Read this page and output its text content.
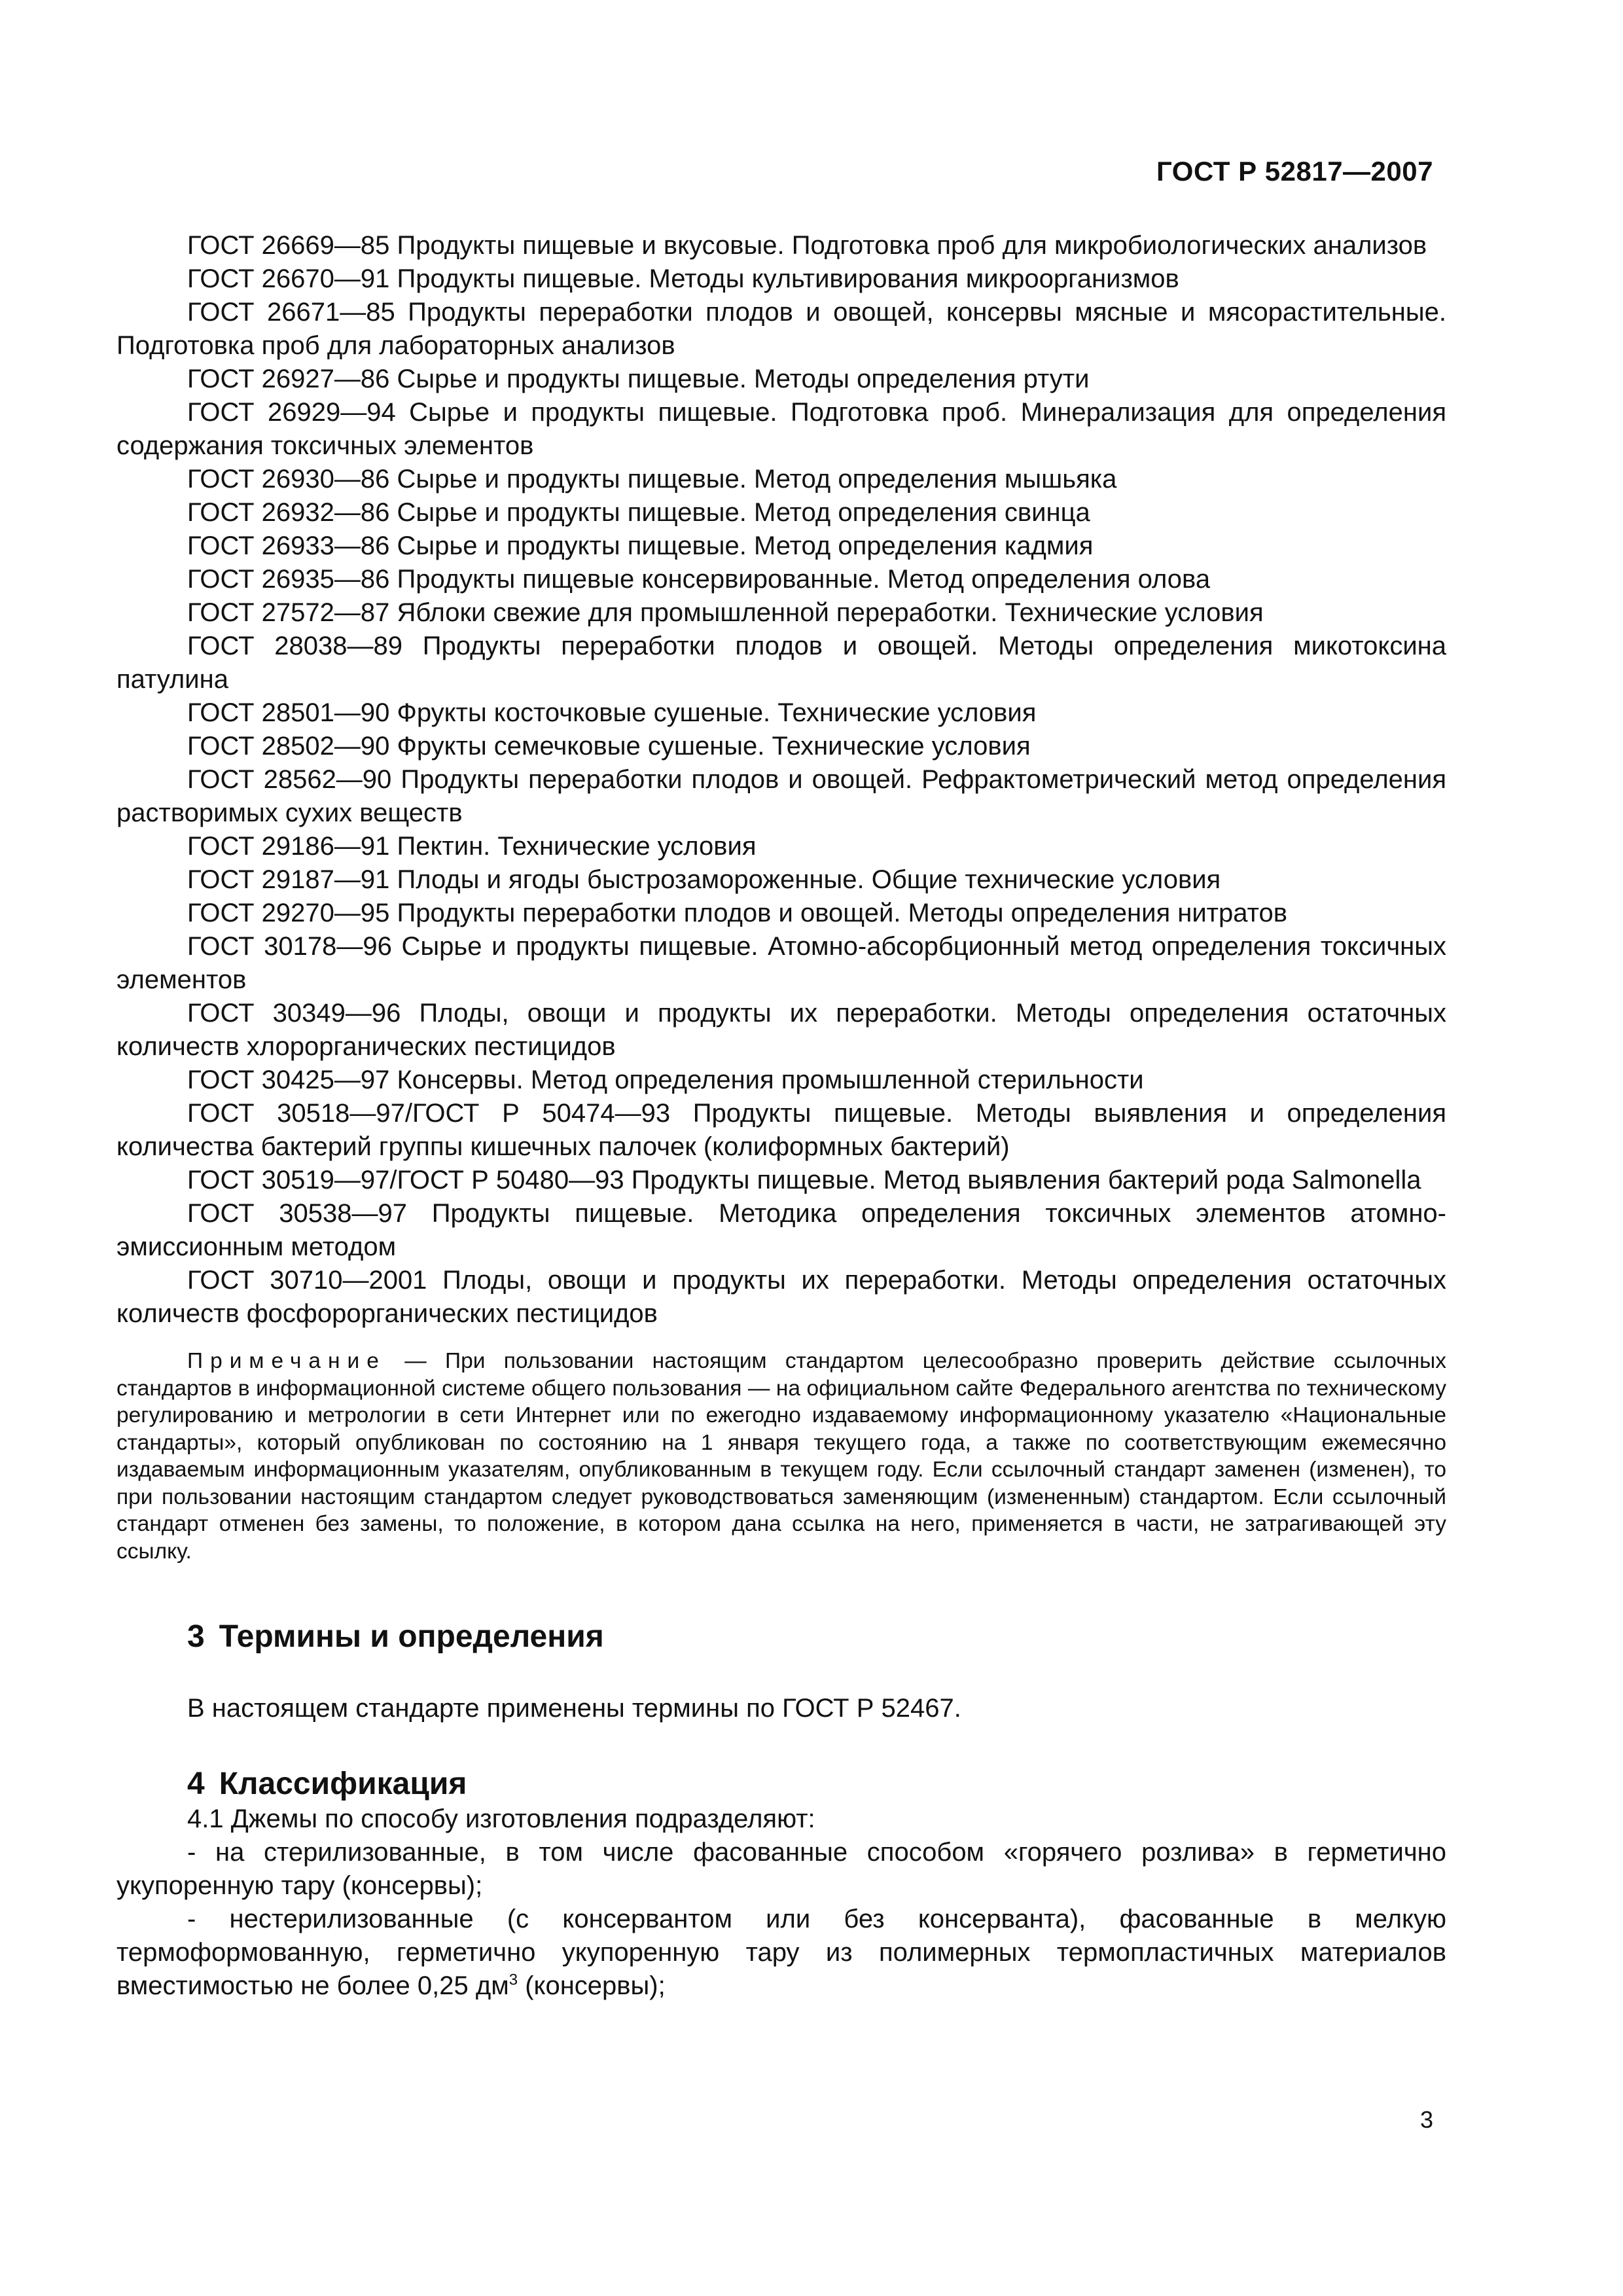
ГОСТ Р 52817—2007

ГОСТ 26669—85 Продукты пищевые и вкусовые. Подготовка проб для микробиологических анализов

ГОСТ 26670—91 Продукты пищевые. Методы культивирования микроорганизмов

ГОСТ 26671—85 Продукты переработки плодов и овощей, консервы мясные и мясорастительные. Подготовка проб для лабораторных анализов

ГОСТ 26927—86 Сырье и продукты пищевые. Методы определения ртути

ГОСТ 26929—94 Сырье и продукты пищевые. Подготовка проб. Минерализация для определения содержания токсичных элементов

ГОСТ 26930—86 Сырье и продукты пищевые. Метод определения мышьяка

ГОСТ 26932—86 Сырье и продукты пищевые. Метод определения свинца

ГОСТ 26933—86 Сырье и продукты пищевые. Метод определения кадмия

ГОСТ 26935—86 Продукты пищевые консервированные. Метод определения олова

ГОСТ 27572—87 Яблоки свежие для промышленной переработки. Технические условия

ГОСТ 28038—89 Продукты переработки плодов и овощей. Методы определения микотоксина патулина

ГОСТ 28501—90 Фрукты косточковые сушеные. Технические условия

ГОСТ 28502—90 Фрукты семечковые сушеные. Технические условия

ГОСТ 28562—90 Продукты переработки плодов и овощей. Рефрактометрический метод определения растворимых сухих веществ

ГОСТ 29186—91 Пектин. Технические условия

ГОСТ 29187—91 Плоды и ягоды быстрозамороженные. Общие технические условия

ГОСТ 29270—95 Продукты переработки плодов и овощей. Методы определения нитратов

ГОСТ 30178—96 Сырье и продукты пищевые. Атомно-абсорбционный метод определения токсичных элементов

ГОСТ 30349—96 Плоды, овощи и продукты их переработки. Методы определения остаточных количеств хлорорганических пестицидов

ГОСТ 30425—97 Консервы. Метод определения промышленной стерильности

ГОСТ 30518—97/ГОСТ Р 50474—93 Продукты пищевые. Методы выявления и определения количества бактерий группы кишечных палочек (колиформных бактерий)

ГОСТ 30519—97/ГОСТ Р 50480—93 Продукты пищевые. Метод выявления бактерий рода Salmonella

ГОСТ 30538—97 Продукты пищевые. Методика определения токсичных элементов атомно-эмиссионным методом

ГОСТ 30710—2001 Плоды, овощи и продукты их переработки. Методы определения остаточных количеств фосфорорганических пестицидов

Примечание — При пользовании настоящим стандартом целесообразно проверить действие ссылочных стандартов в информационной системе общего пользования — на официальном сайте Федерального агентства по техническому регулированию и метрологии в сети Интернет или по ежегодно издаваемому информационному указателю «Национальные стандарты», который опубликован по состоянию на 1 января текущего года, а также по соответствующим ежемесячно издаваемым информационным указателям, опубликованным в текущем году. Если ссылочный стандарт заменен (изменен), то при пользовании настоящим стандартом следует руководствоваться заменяющим (измененным) стандартом. Если ссылочный стандарт отменен без замены, то положение, в котором дана ссылка на него, применяется в части, не затрагивающей эту ссылку.

3 Термины и определения

В настоящем стандарте применены термины по ГОСТ Р 52467.

4 Классификация

4.1 Джемы по способу изготовления подразделяют:

- на стерилизованные, в том числе фасованные способом «горячего розлива» в герметично укупоренную тару (консервы);

- нестерилизованные (с консервантом или без консерванта), фасованные в мелкую термоформованную, герметично укупоренную тару из полимерных термопластичных материалов вместимостью не более 0,25 $дм^3$ (консервы);

3
